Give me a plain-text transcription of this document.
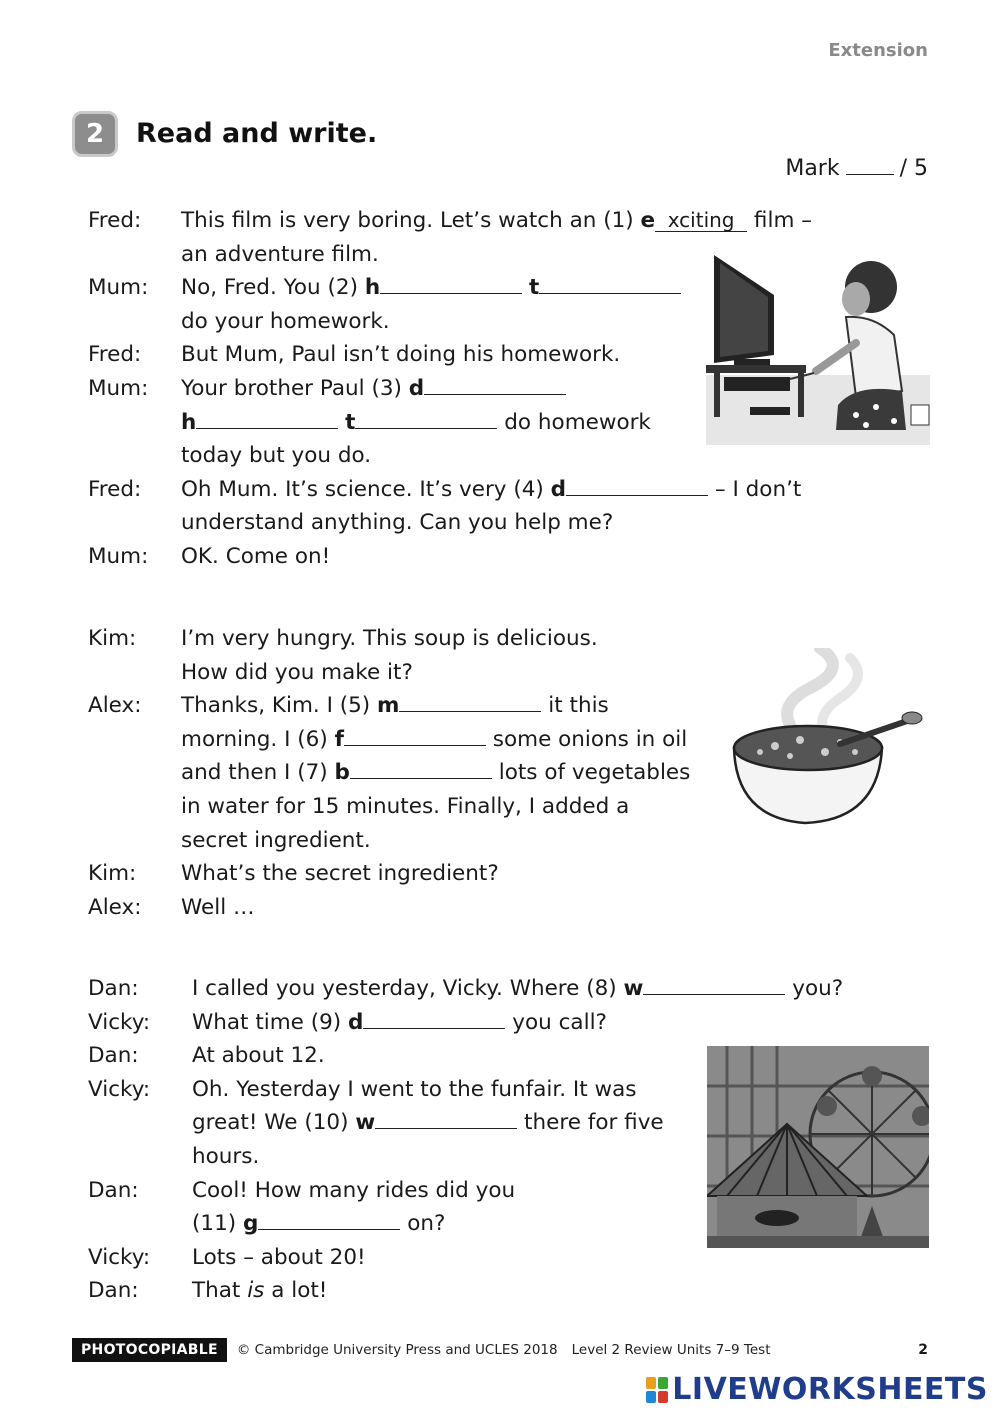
Extension
2	Read and write.
Mark	/ 5
Fred:	This film is very boring. Let’s watch an (1) e xciting film –
an adventure film.
Mum:	No, Fred. You (2) h	t
do your homework.
Fred:	But Mum, Paul isn’t doing his homework.
Mum:	Your brother Paul (3) d
h	t	do homework
today but you do.
Fred:	Oh Mum. It’s science. It’s very (4) d	– I don’t
understand anything. Can you help me?
Mum:	OK. Come on!
Kim:	I’m very hungry. This soup is delicious.
How did you make it?
Alex:	Thanks, Kim. I (5) m	it this
morning. I (6) f	some onions in oil
and then I (7) b	lots of vegetables
in water for 15 minutes. Finally, I added a
secret ingredient.
Kim:	What’s the secret ingredient?
Alex:	Well …
Dan:	I called you yesterday, Vicky. Where (8) w	you?
Vicky:	What time (9) d	you call?
Dan:	At about 12.
Vicky:	Oh. Yesterday I went to the funfair. It was
great! We (10) w	there for five
hours.
Dan:	Cool! How many rides did you
(11) g	on?
Vicky:	Lots – about 20!
Dan:	That is a lot!
PHOTOCOPIABLE	© Cambridge University Press and UCLES 2018 Level 2 Review Units 7–9 Test	2
LIVEWORKSHEETS
